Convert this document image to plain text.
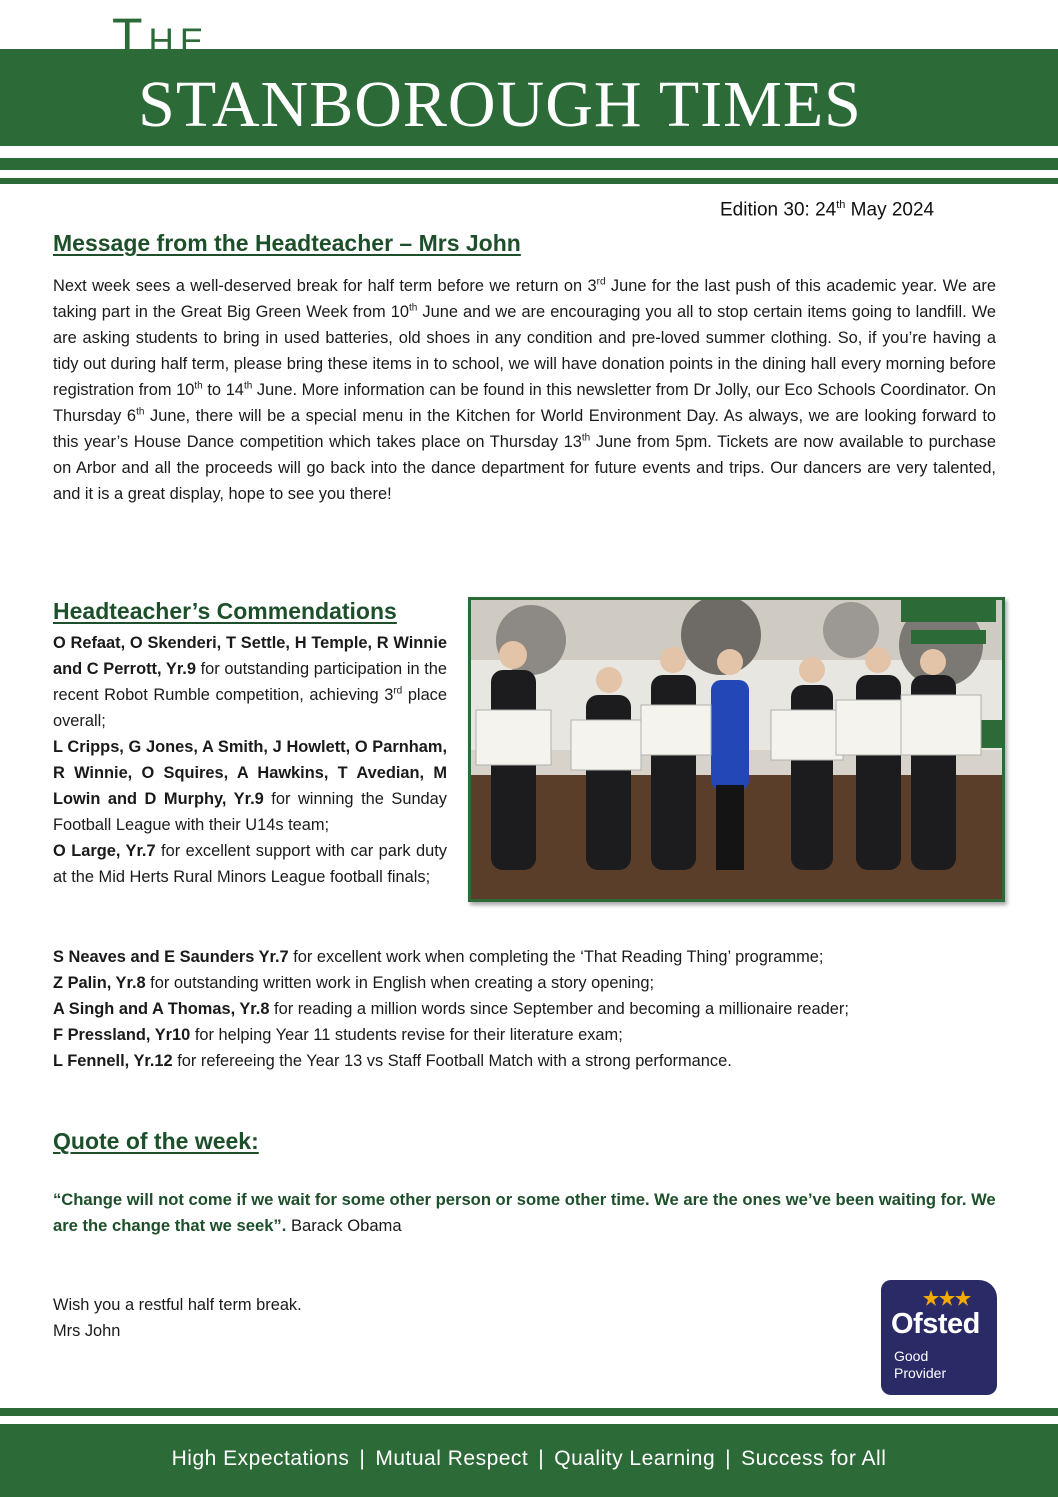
The
STANBOROUGH TIMES
Edition 30: 24th May 2024
Message from the Headteacher – Mrs John

Next week sees a well-deserved break for half term before we return on 3rd June for the last push of this academic year. We are taking part in the Great Big Green Week from 10th June and we are encouraging you all to stop certain items going to landfill. We are asking students to bring in used batteries, old shoes in any condition and pre-loved summer clothing. So, if you’re having a tidy out during half term, please bring these items in to school, we will have donation points in the dining hall every morning before registration from 10th to 14th June. More information can be found in this newsletter from Dr Jolly, our Eco Schools Coordinator. On Thursday 6th June, there will be a special menu in the Kitchen for World Environment Day. As always, we are looking forward to this year’s House Dance competition which takes place on Thursday 13th June from 5pm. Tickets are now available to purchase on Arbor and all the proceeds will go back into the dance department for future events and trips. Our dancers are very talented, and it is a great display, hope to see you there!

Headteacher’s Commendations

O Refaat, O Skenderi, T Settle, H Temple, R Winnie and C Perrott, Yr.9 for outstanding participation in the recent Robot Rumble competition, achieving 3rd place overall;

L Cripps, G Jones, A Smith, J Howlett, O Parnham, R Winnie, O Squires, A Hawkins, T Avedian, M Lowin and D Murphy, Yr.9 for winning the Sunday Football League with their U14s team;

O Large, Yr.7 for excellent support with car park duty at the Mid Herts Rural Minors League football finals;

S Neaves and E Saunders Yr.7 for excellent work when completing the ‘That Reading Thing’ programme;

Z Palin, Yr.8 for outstanding written work in English when creating a story opening;

A Singh and A Thomas, Yr.8 for reading a million words since September and becoming a millionaire reader;

F Pressland, Yr10 for helping Year 11 students revise for their literature exam;

L Fennell, Yr.12 for refereeing the Year 13 vs Staff Football Match with a strong performance.

Quote of the week:

“Change will not come if we wait for some other person or some other time. We are the ones we’ve been waiting for. We are the change that we seek”. Barack Obama

Wish you a restful half term break.

Mrs John	Ofsted
Good
Provider
High Expectations | Mutual Respect | Quality Learning | Success for All
